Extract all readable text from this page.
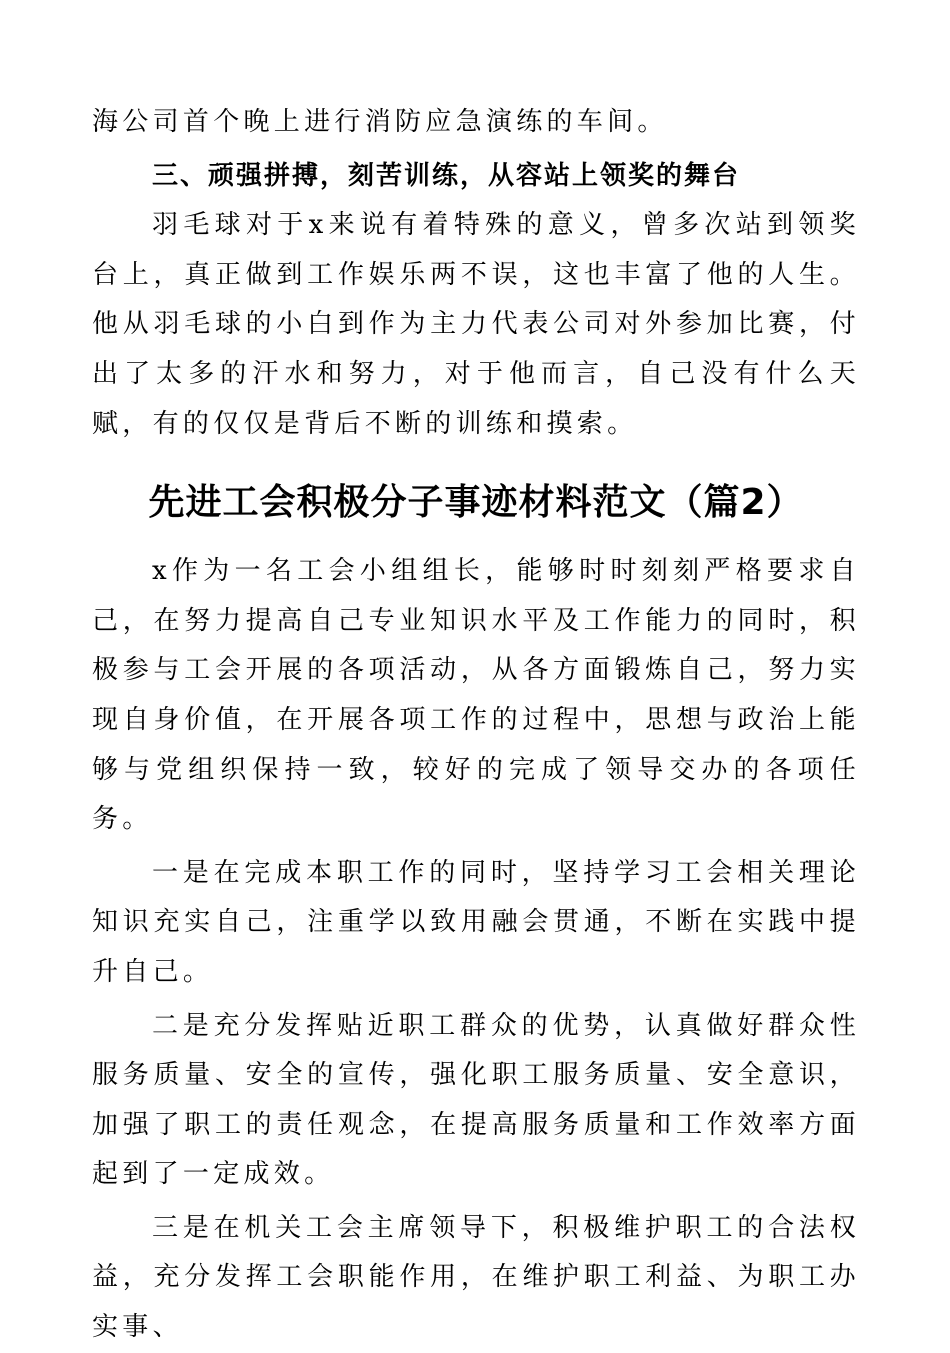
海公司首个晚上进行消防应急演练的车间。

三、顽强拼搏，刻苦训练，从容站上领奖的舞台

羽毛球对于x来说有着特殊的意义，曾多次站到领奖台上，真正做到工作娱乐两不误，这也丰富了他的人生。他从羽毛球的小白到作为主力代表公司对外参加比赛，付出了太多的汗水和努力，对于他而言，自己没有什么天赋，有的仅仅是背后不断的训练和摸索。

先进工会积极分子事迹材料范文（篇2）

x作为一名工会小组组长，能够时时刻刻严格要求自己，在努力提高自己专业知识水平及工作能力的同时，积极参与工会开展的各项活动，从各方面锻炼自己，努力实现自身价值，在开展各项工作的过程中，思想与政治上能够与党组织保持一致，较好的完成了领导交办的各项任务。

一是在完成本职工作的同时，坚持学习工会相关理论知识充实自己，注重学以致用融会贯通，不断在实践中提升自己。

二是充分发挥贴近职工群众的优势，认真做好群众性服务质量、安全的宣传，强化职工服务质量、安全意识，加强了职工的责任观念，在提高服务质量和工作效率方面起到了一定成效。

三是在机关工会主席领导下，积极维护职工的合法权益，充分发挥工会职能作用，在维护职工利益、为职工办实事、
